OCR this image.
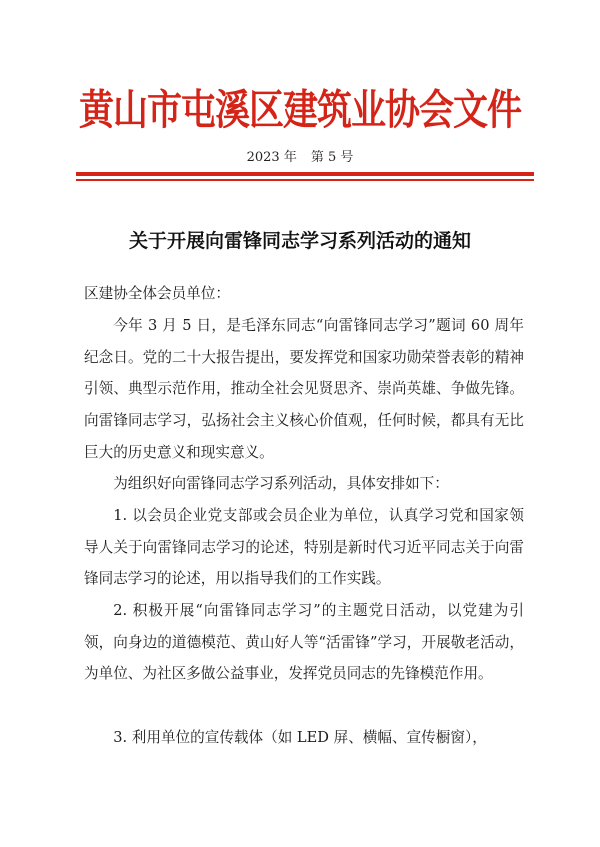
黄山市屯溪区建筑业协会文件
2023 年 第 5 号
关于开展向雷锋同志学习系列活动的通知
区建协全体会员单位：

今年 3 月 5 日，是毛泽东同志“向雷锋同志学习”题词 60 周年纪念日。党的二十大报告提出，要发挥党和国家功勋荣誉表彰的精神引领、典型示范作用，推动全社会见贤思齐、崇尚英雄、争做先锋。向雷锋同志学习，弘扬社会主义核心价值观，任何时候，都具有无比巨大的历史意义和现实意义。

为组织好向雷锋同志学习系列活动，具体安排如下：

1. 以会员企业党支部或会员企业为单位，认真学习党和国家领导人关于向雷锋同志学习的论述，特别是新时代习近平同志关于向雷锋同志学习的论述，用以指导我们的工作实践。

2. 积极开展“向雷锋同志学习”的主题党日活动，以党建为引领，向身边的道德模范、黄山好人等“活雷锋”学习，开展敬老活动，为单位、为社区多做公益事业，发挥党员同志的先锋模范作用。

3. 利用单位的宣传载体（如 LED 屏、横幅、宣传橱窗），
